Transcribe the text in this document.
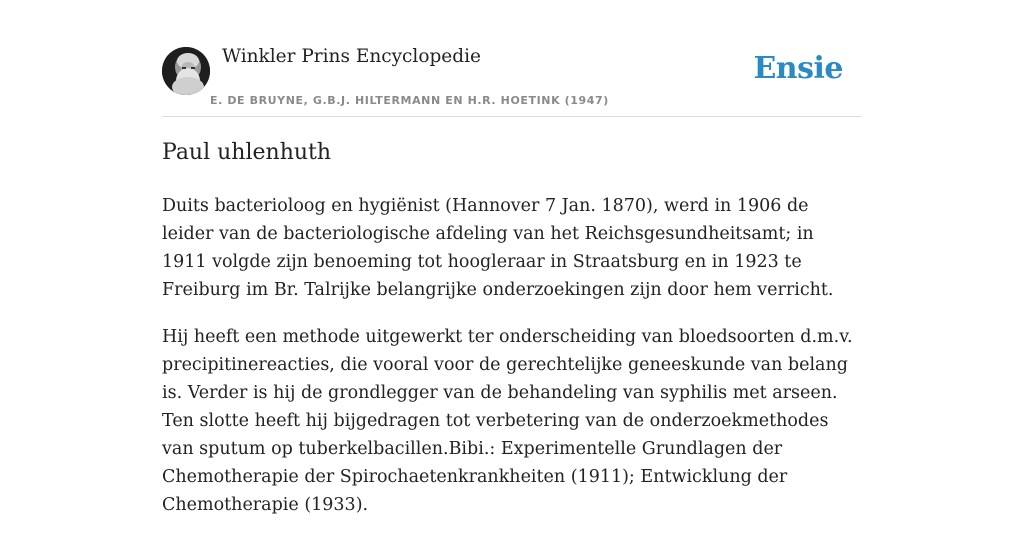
Winkler Prins Encyclopedie
E. DE BRUYNE, G.B.J. HILTERMANN EN H.R. HOETINK (1947)
Ensie
Paul uhlenhuth

Duits bacterioloog en hygiënist (Hannover 7 Jan. 1870), werd in 1906 de leider van de bacteriologische afdeling van het Reichsgesundheitsamt; in 1911 volgde zijn benoeming tot hoogleraar in Straatsburg en in 1923 te Freiburg im Br. Talrijke belangrijke onderzoekingen zijn door hem verricht.

Hij heeft een methode uitgewerkt ter onderscheiding van bloedsoorten d.m.v. precipitinereacties, die vooral voor de gerechtelijke geneeskunde van belang is. Verder is hij de grondlegger van de behandeling van syphilis met arseen. Ten slotte heeft hij bijgedragen tot verbetering van de onderzoekmethodes van sputum op tuberkelbacillen.Bibi.: Experimentelle Grundlagen der Chemotherapie der Spirochaetenkrankheiten (1911); Entwicklung der Chemotherapie (1933).
